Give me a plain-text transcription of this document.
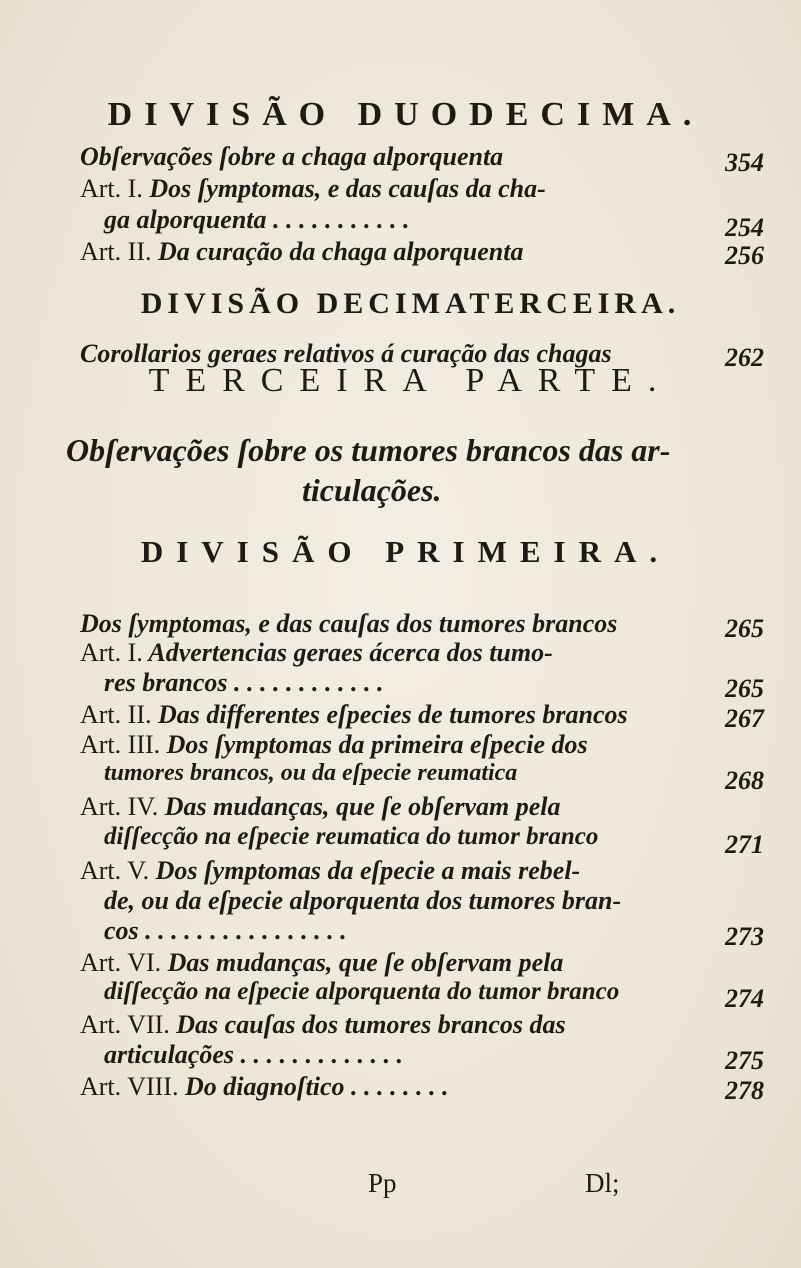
DIVISÃO DUODECIMA.
Obſervações ſobre a chaga alporquenta	354
Art. I. Dos ſymptomas, e das cauſas da cha-
ga alporquenta . . . . . . . . . . .	254
Art. II. Da curação da chaga alporquenta	256
DIVISÃO DECIMATERCEIRA.
Corollarios geraes relativos á curação das chagas	262
TERCEIRA PARTE.
Obſervações ſobre os tumores brancos das ar-
ticulações.
DIVISÃO PRIMEIRA.
Dos ſymptomas, e das cauſas dos tumores brancos	265
Art. I. Advertencias geraes ácerca dos tumo-
res brancos . . . . . . . . . . . .	265
Art. II. Das differentes eſpecies de tumores brancos	267
Art. III. Dos ſymptomas da primeira eſpecie dos
tumores brancos, ou da eſpecie reumatica	268
Art. IV. Das mudanças, que ſe obſervam pela
diſſecção na eſpecie reumatica do tumor branco	271
Art. V. Dos ſymptomas da eſpecie a mais rebel-
de, ou da eſpecie alporquenta dos tumores bran-
cos . . . . . . . . . . . . . . . .	273
Art. VI. Das mudanças, que ſe obſervam pela
diſſecção na eſpecie alporquenta do tumor branco	274
Art. VII. Das cauſas dos tumores brancos das
articulações . . . . . . . . . . . . .	275
Art. VIII. Do diagnoſtico . . . . . . . .	278
Pp	Dl;
